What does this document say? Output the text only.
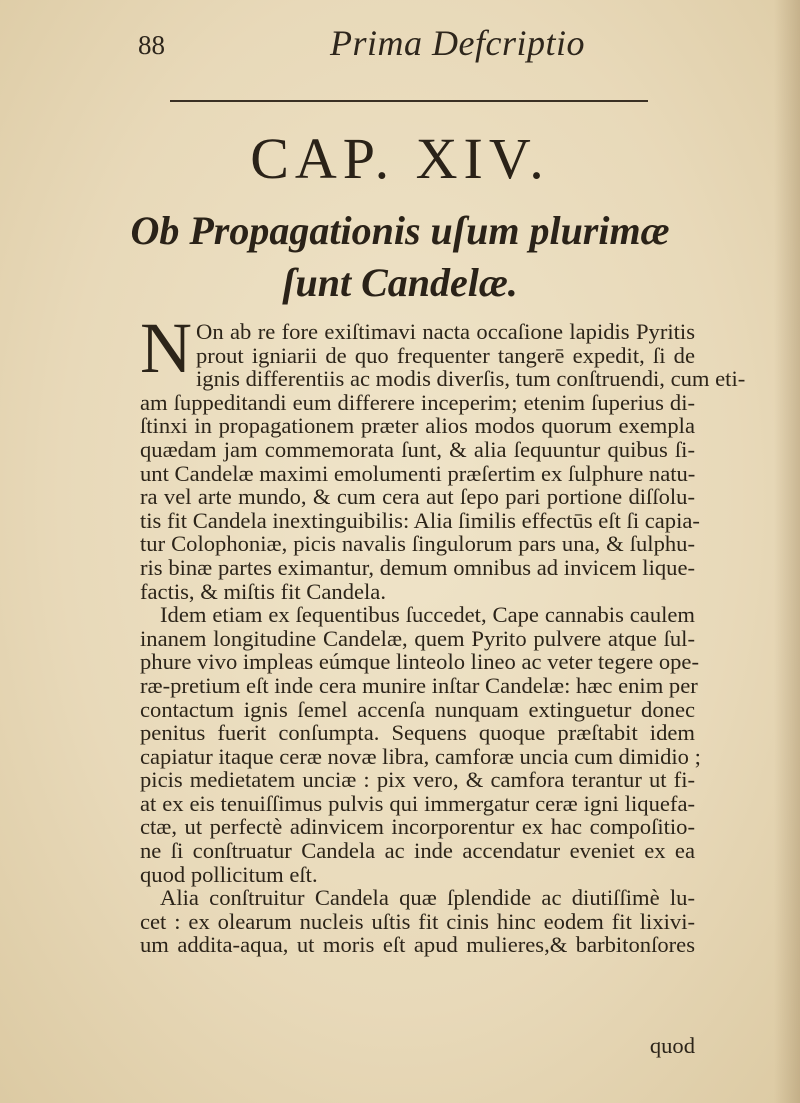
88	Prima Defcriptio
CAP. XIV.
Ob Propagationis uſum plurimæ
ſunt Candelæ.
N On ab re fore exiſtimavi nacta occaſione lapidis Pyritis
prout igniarii de quo frequenter tangerē expedit, ſi de
ignis differentiis ac modis diverſis, tum conſtruendi, cum eti-
am ſuppeditandi eum differere inceperim; etenim ſuperius di-
ſtinxi in propagationem præter alios modos quorum exempla
quædam jam commemorata ſunt, & alia ſequuntur quibus ſi-
unt Candelæ maximi emolumenti præſertim ex ſulphure natu-
ra vel arte mundo, & cum cera aut ſepo pari portione diſſolu-
tis fit Candela inextinguibilis: Alia ſimilis effectūs eſt ſi capia-
tur Colophoniæ, picis navalis ſingulorum pars una, & ſulphu-
ris binæ partes eximantur, demum omnibus ad invicem lique-
factis, & miſtis fit Candela.
Idem etiam ex ſequentibus ſuccedet, Cape cannabis caulem
inanem longitudine Candelæ, quem Pyrito pulvere atque ſul-
phure vivo impleas eúmque linteolo lineo ac veter tegere ope-
ræ-pretium eſt inde cera munire inſtar Candelæ: hæc enim per
contactum ignis ſemel accenſa nunquam extinguetur donec
penitus fuerit conſumpta. Sequens quoque præſtabit idem
capiatur itaque ceræ novæ libra, camforæ uncia cum dimidio ;
picis medietatem unciæ : pix vero, & camfora terantur ut fi-
at ex eis tenuiſſimus pulvis qui immergatur ceræ igni liquefa-
ctæ, ut perfectè adinvicem incorporentur ex hac compoſitio-
ne ſi conſtruatur Candela ac inde accendatur eveniet ex ea
quod pollicitum eſt.
Alia conſtruitur Candela quæ ſplendide ac diutiſſimè lu-
cet : ex olearum nucleis uſtis fit cinis hinc eodem fit lixivi-
um addita-aqua, ut moris eſt apud mulieres,& barbitonſores
quod
